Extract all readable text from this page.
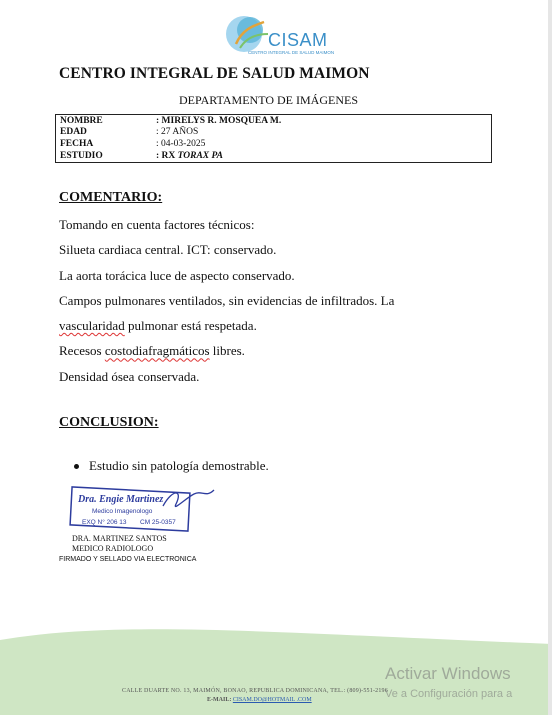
CISAM
CENTRO INTEGRAL DE SALUD MAIMON
CENTRO INTEGRAL DE SALUD MAIMON
DEPARTAMENTO DE IMÁGENES
NOMBRE	: MIRELYS R. MOSQUEA M.
EDAD	: 27 AÑOS
FECHA	: 04-03-2025
ESTUDIO	: RX TORAX PA
COMENTARIO:
Tomando en cuenta factores técnicos:
Silueta cardiaca central. ICT: conservado.
La aorta torácica luce de aspecto conservado.
Campos pulmonares ventilados, sin evidencias de infiltrados. La
vascularidad pulmonar está respetada.
Recesos costodiafragmáticos libres.
Densidad ósea conservada.
CONCLUSION:
Estudio sin patología demostrable.
Dra. Engie Martinez
Medico Imagenologo
EXQ N° 206 13 CM 25-0357
DRA. MARTINEZ SANTOS
MEDICO RADIOLOGO
FIRMADO Y SELLADO VIA ELECTRONICA
CALLE DUARTE NO. 13, MAIMÓN, BONAO, REPUBLICA DOMINICANA, TEL.: (809)-551-2196
E-MAIL: CISAM.DO@HOTMAIL .COM
Activar Windows
Ve a Configuración para a
